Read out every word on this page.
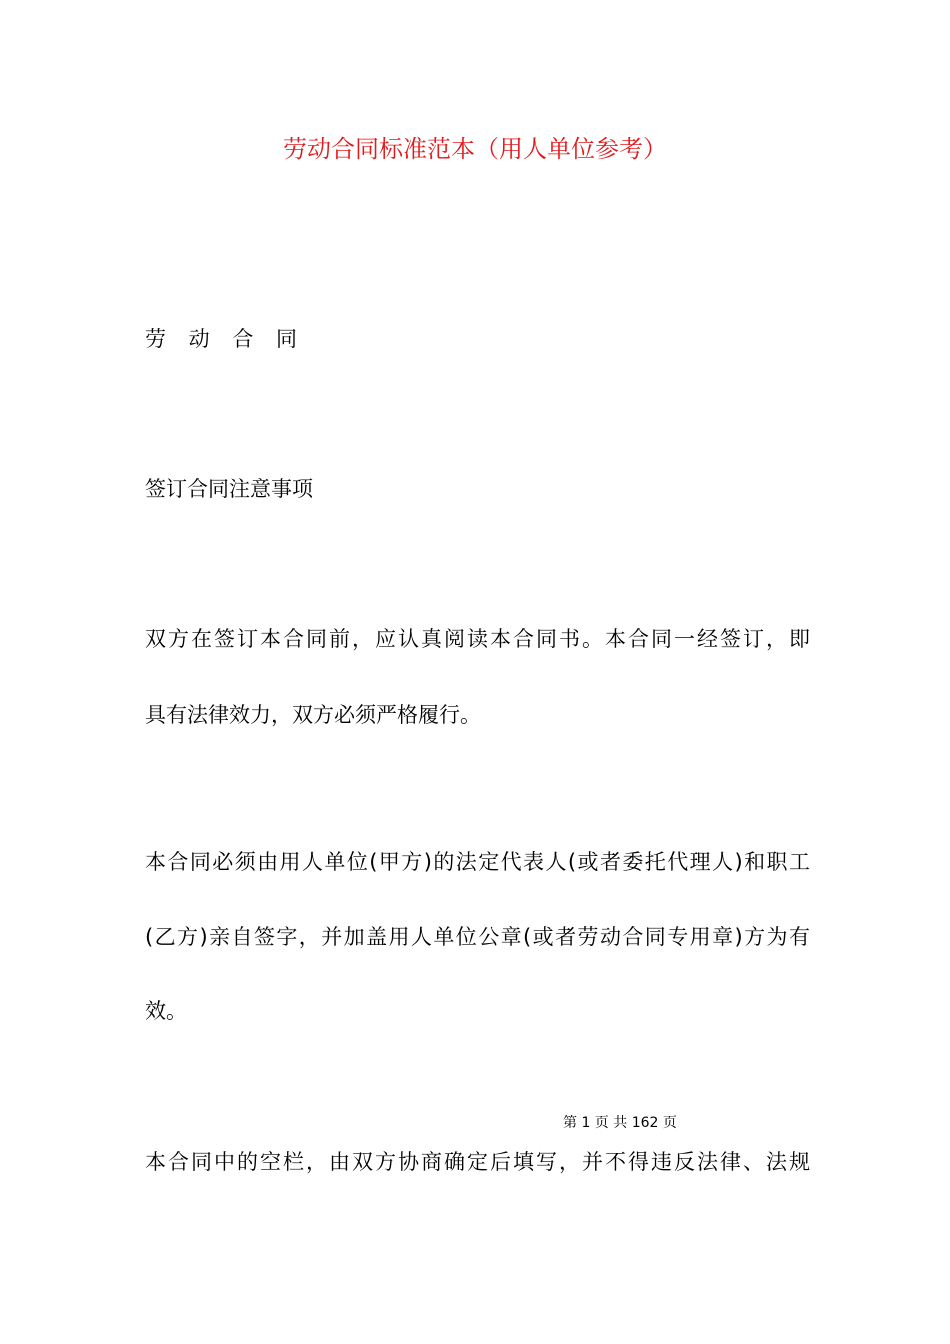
劳动合同标准范本（用人单位参考）
劳 动 合 同
签订合同注意事项
双方在签订本合同前，应认真阅读本合同书。本合同一经签订，即
具有法律效力，双方必须严格履行。
本合同必须由用人单位(甲方)的法定代表人(或者委托代理人)和职工
(乙方)亲自签字，并加盖用人单位公章(或者劳动合同专用章)方为有
效。
第 1 页 共 162 页
本合同中的空栏，由双方协商确定后填写，并不得违反法律、法规
